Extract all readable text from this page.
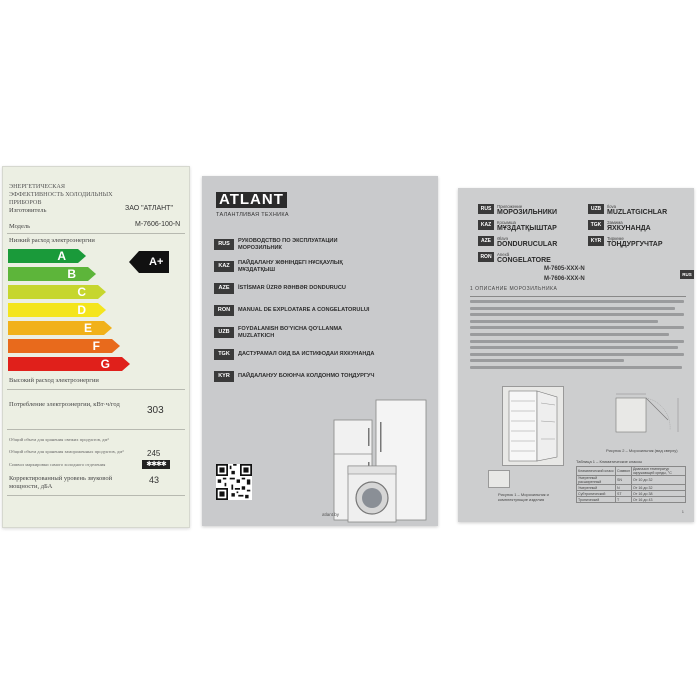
ЭНЕРГЕТИЧЕСКАЯ ЭФФЕКТИВНОСТЬ ХОЛОДИЛЬНЫХ ПРИБОРОВ
Изготовитель	ЗАО "АТЛАНТ"
Модель	М-7606-100-N
Низкий расход электроэнергии
A
B
C
D
E
F
G
A+
Высокий расход электроэнергии
Потребление электроэнергии, кВт·ч/год
303
Общий объем для хранения свежих продуктов, дм³
Общий объем для хранения замороженных продуктов, дм³	245
Символ маркировки самого холодного отделения	✱✱✱✱
Корректированный уровень звуковой мощности, дБА
43
ATLANT
ТАЛАНТЛИВАЯ ТЕХНИКА
RUS	РУКОВОДСТВО ПО ЭКСПЛУАТАЦИИ МОРОЗИЛЬНИК
KAZ	ПАЙДАЛАНУ ЖӨНІНДЕГІ НҰСҚАУЛЫҚ МҰЗДАТҚЫШ
AZE	İSTİSMAR ÜZRƏ RƏHBƏR DONDURUCU
RON	MANUAL DE EXPLOATARE A CONGELATORULUI
UZB	FOYDALANISH BO'YICHA QO'LLANMA MUZLATKICH
TGK	ДАСТУРАМАЛ ОИД БА ИСТИФОДАИ ЯХКУНАНДА
KYR	ПАЙДАЛАНУУ БОЮНЧА КОЛДОНМО ТОҢДУРГУЧ
atlant.by
RUS	Приложение
МОРОЗИЛЬНИКИ
KAZ	Қосымша
МҰЗДАТҚЫШТАР
AZE	Əlavə
DONDURUCULAR
RON	Anexă
CONGELATORE
UZB	Ilova
MUZLATGICHLAR
TGK	Замима
ЯХКУНАНДА
KYR	Тиркеме
ТОҢДУРГУЧТАР
M-7605-XXX-N
M-7606-XXX-N
RUS
1 ОПИСАНИЕ МОРОЗИЛЬНИКА
Рисунок 1 – Морозильник и комплектующие изделия
Рисунок 2 – Морозильник (вид сверху)
Таблица 1 – Климатические классы
Климатический класс	Символ	Диапазон температур окружающей среды, °С
Умеренный расширенный	SN	От 10 до 32
Умеренный	N	От 16 до 32
Субтропический	ST	От 16 до 38
Тропический	T	От 16 до 43
1
